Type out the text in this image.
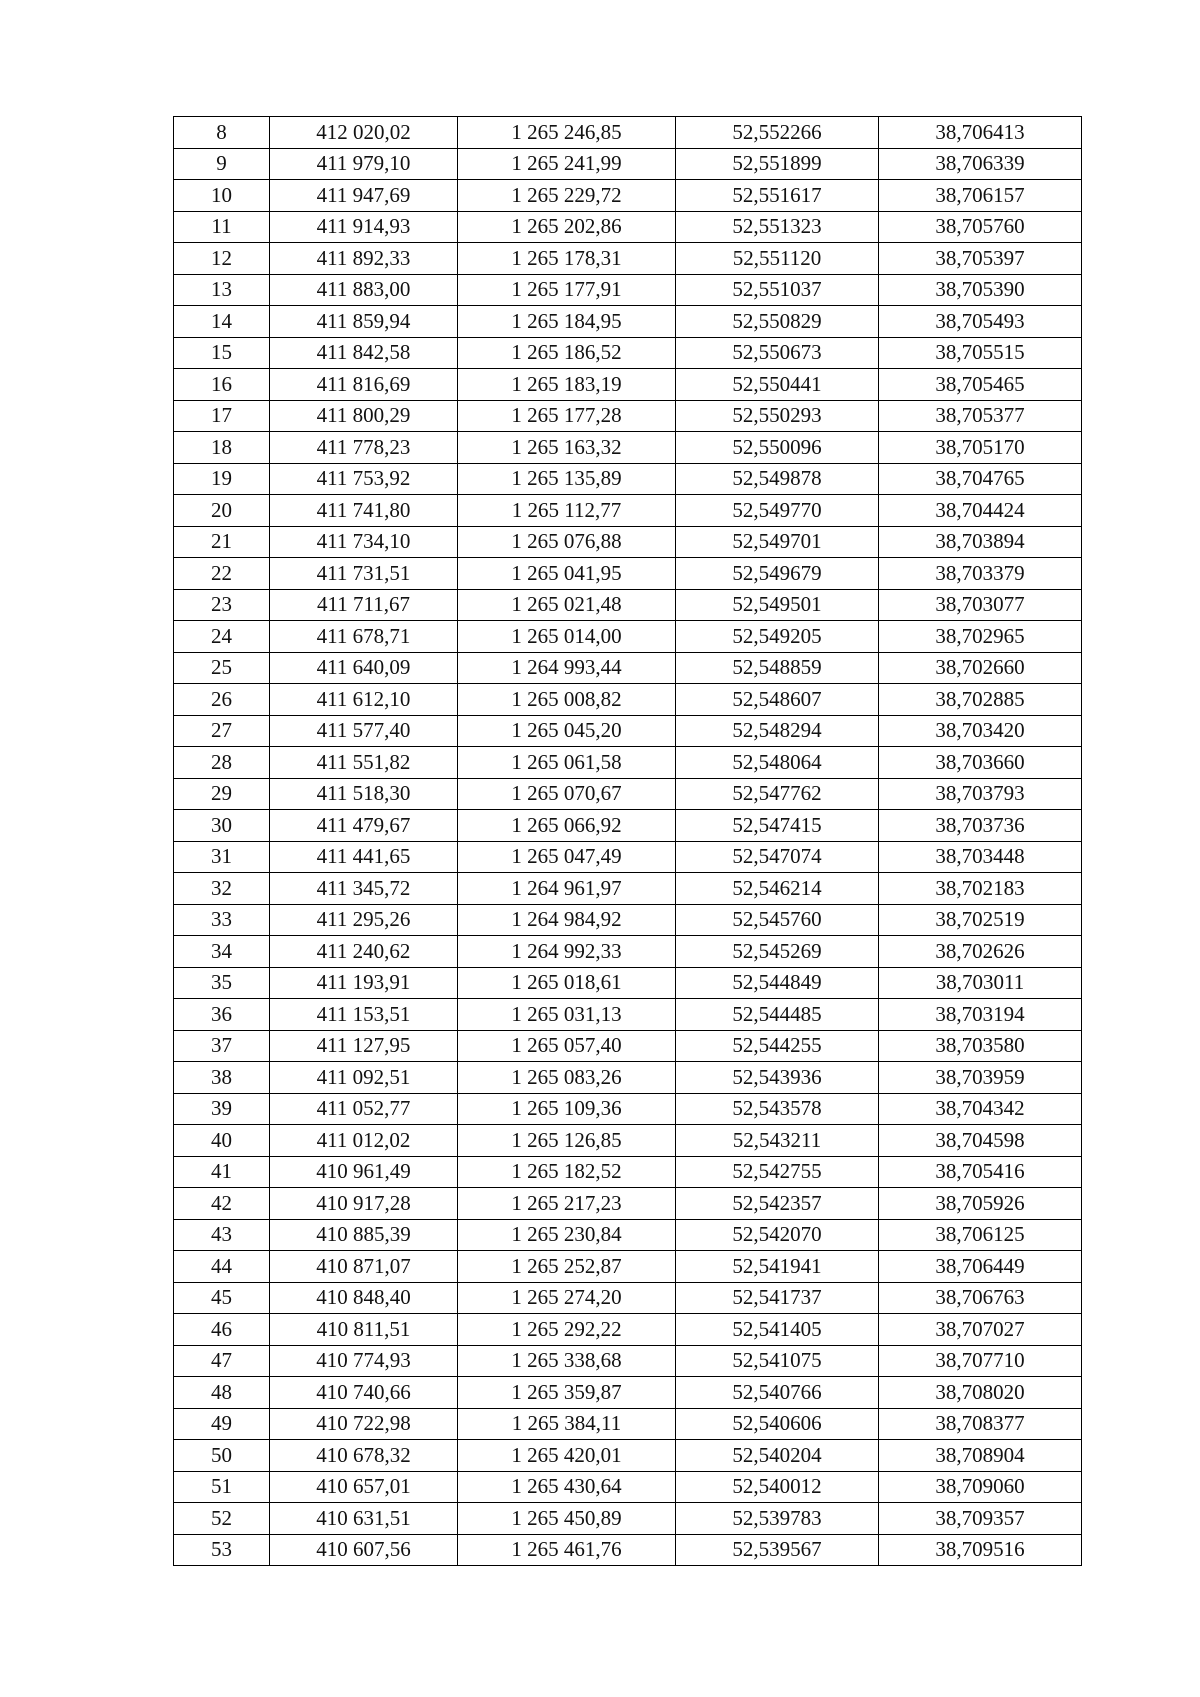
8	412 020,02	1 265 246,85	52,552266	38,706413
9	411 979,10	1 265 241,99	52,551899	38,706339
10	411 947,69	1 265 229,72	52,551617	38,706157
11	411 914,93	1 265 202,86	52,551323	38,705760
12	411 892,33	1 265 178,31	52,551120	38,705397
13	411 883,00	1 265 177,91	52,551037	38,705390
14	411 859,94	1 265 184,95	52,550829	38,705493
15	411 842,58	1 265 186,52	52,550673	38,705515
16	411 816,69	1 265 183,19	52,550441	38,705465
17	411 800,29	1 265 177,28	52,550293	38,705377
18	411 778,23	1 265 163,32	52,550096	38,705170
19	411 753,92	1 265 135,89	52,549878	38,704765
20	411 741,80	1 265 112,77	52,549770	38,704424
21	411 734,10	1 265 076,88	52,549701	38,703894
22	411 731,51	1 265 041,95	52,549679	38,703379
23	411 711,67	1 265 021,48	52,549501	38,703077
24	411 678,71	1 265 014,00	52,549205	38,702965
25	411 640,09	1 264 993,44	52,548859	38,702660
26	411 612,10	1 265 008,82	52,548607	38,702885
27	411 577,40	1 265 045,20	52,548294	38,703420
28	411 551,82	1 265 061,58	52,548064	38,703660
29	411 518,30	1 265 070,67	52,547762	38,703793
30	411 479,67	1 265 066,92	52,547415	38,703736
31	411 441,65	1 265 047,49	52,547074	38,703448
32	411 345,72	1 264 961,97	52,546214	38,702183
33	411 295,26	1 264 984,92	52,545760	38,702519
34	411 240,62	1 264 992,33	52,545269	38,702626
35	411 193,91	1 265 018,61	52,544849	38,703011
36	411 153,51	1 265 031,13	52,544485	38,703194
37	411 127,95	1 265 057,40	52,544255	38,703580
38	411 092,51	1 265 083,26	52,543936	38,703959
39	411 052,77	1 265 109,36	52,543578	38,704342
40	411 012,02	1 265 126,85	52,543211	38,704598
41	410 961,49	1 265 182,52	52,542755	38,705416
42	410 917,28	1 265 217,23	52,542357	38,705926
43	410 885,39	1 265 230,84	52,542070	38,706125
44	410 871,07	1 265 252,87	52,541941	38,706449
45	410 848,40	1 265 274,20	52,541737	38,706763
46	410 811,51	1 265 292,22	52,541405	38,707027
47	410 774,93	1 265 338,68	52,541075	38,707710
48	410 740,66	1 265 359,87	52,540766	38,708020
49	410 722,98	1 265 384,11	52,540606	38,708377
50	410 678,32	1 265 420,01	52,540204	38,708904
51	410 657,01	1 265 430,64	52,540012	38,709060
52	410 631,51	1 265 450,89	52,539783	38,709357
53	410 607,56	1 265 461,76	52,539567	38,709516
